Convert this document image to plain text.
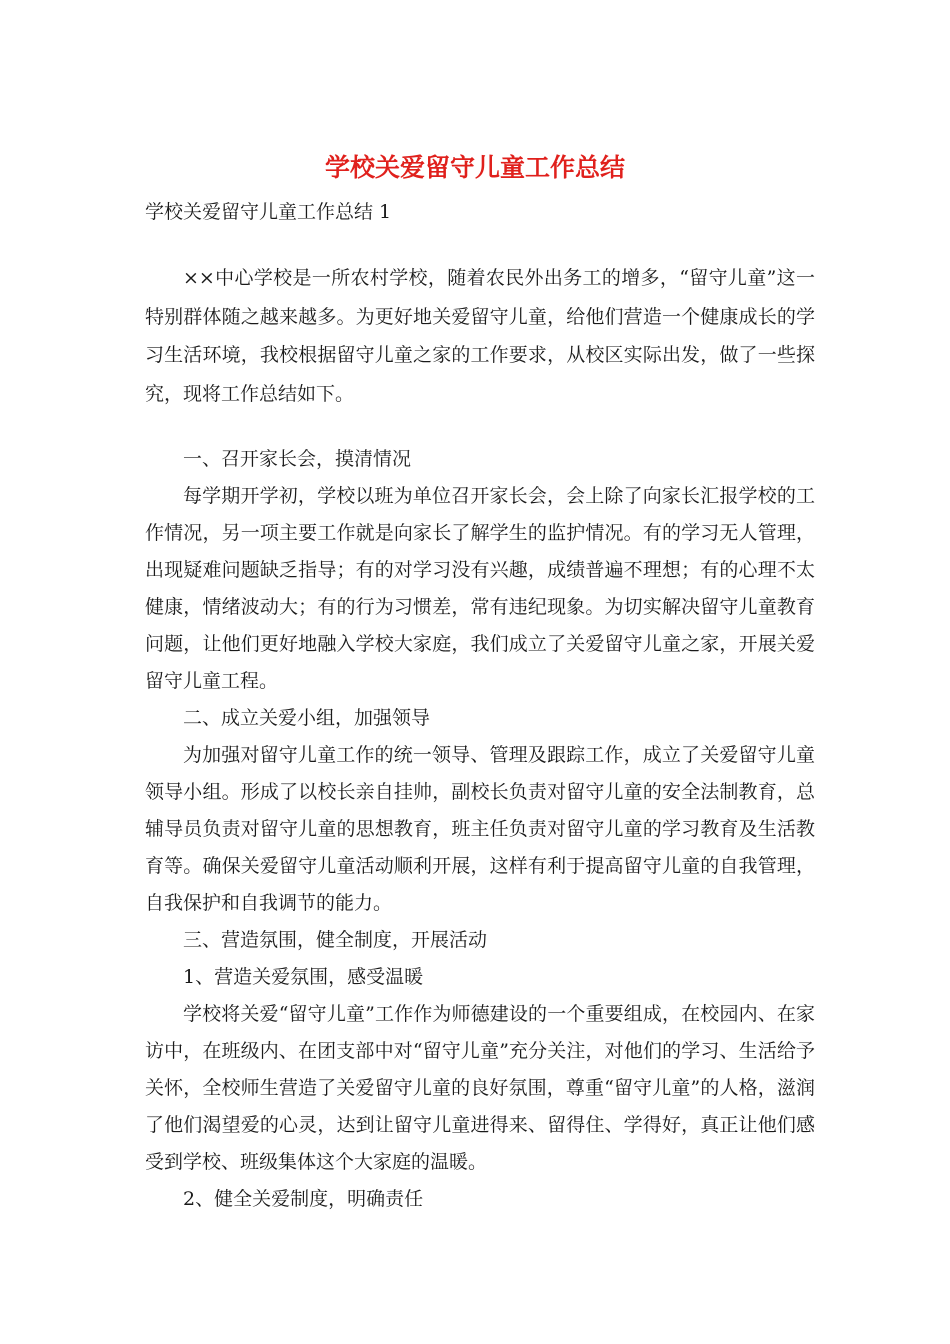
学校关爱留守儿童工作总结
学校关爱留守儿童工作总结 1

××中心学校是一所农村学校，随着农民外出务工的增多，“留守儿童”这一特别群体随之越来越多。为更好地关爱留守儿童，给他们营造一个健康成长的学习生活环境，我校根据留守儿童之家的工作要求，从校区实际出发，做了一些探究，现将工作总结如下。

一、召开家长会，摸清情况

每学期开学初，学校以班为单位召开家长会，会上除了向家长汇报学校的工作情况，另一项主要工作就是向家长了解学生的监护情况。有的学习无人管理，出现疑难问题缺乏指导；有的对学习没有兴趣，成绩普遍不理想；有的心理不太健康，情绪波动大；有的行为习惯差，常有违纪现象。为切实解决留守儿童教育问题，让他们更好地融入学校大家庭，我们成立了关爱留守儿童之家，开展关爱留守儿童工程。

二、成立关爱小组，加强领导

为加强对留守儿童工作的统一领导、管理及跟踪工作，成立了关爱留守儿童领导小组。形成了以校长亲自挂帅，副校长负责对留守儿童的安全法制教育，总辅导员负责对留守儿童的思想教育，班主任负责对留守儿童的学习教育及生活教育等。确保关爱留守儿童活动顺利开展，这样有利于提高留守儿童的自我管理，自我保护和自我调节的能力。

三、营造氛围，健全制度，开展活动

1、营造关爱氛围，感受温暖

学校将关爱“留守儿童”工作作为师德建设的一个重要组成，在校园内、在家访中，在班级内、在团支部中对“留守儿童”充分关注，对他们的学习、生活给予关怀，全校师生营造了关爱留守儿童的良好氛围，尊重“留守儿童”的人格，滋润了他们渴望爱的心灵，达到让留守儿童进得来、留得住、学得好，真正让他们感受到学校、班级集体这个大家庭的温暖。

2、健全关爱制度，明确责任
